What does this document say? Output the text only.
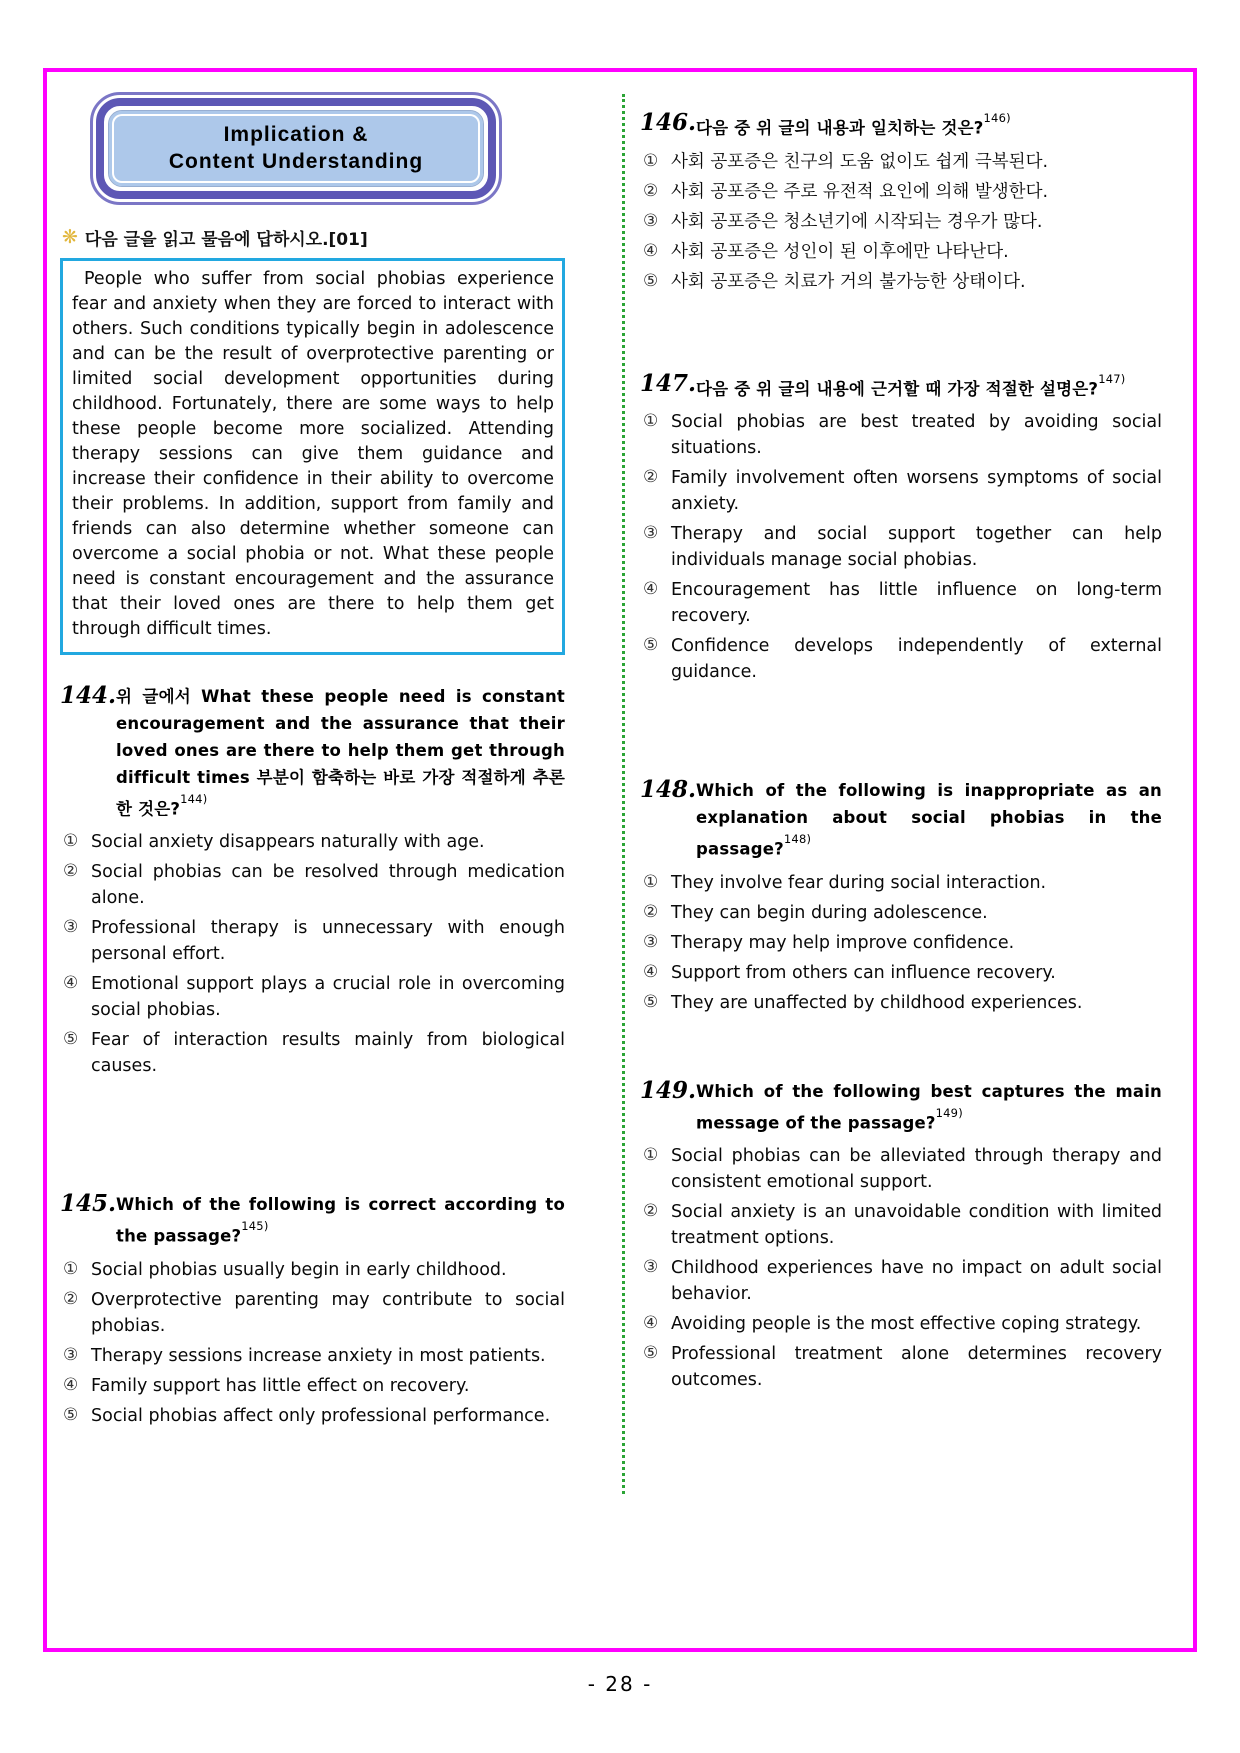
Implication &
Content Understanding
❋ 다음 글을 읽고 물음에 답하시오.[01]

People who suffer from social phobias experience fear and anxiety when they are forced to interact with others. Such conditions typically begin in adolescence and can be the result of overprotective parenting or limited social development opportunities during childhood. Fortunately, there are some ways to help these people become more socialized. Attending therapy sessions can give them guidance and increase their confidence in their ability to overcome their problems. In addition, support from family and friends can also determine whether someone can overcome a social phobia or not. What these people need is constant encouragement and the assurance that their loved ones are there to help them get through difficult times.

144. 위 글에서 What these people need is constant encouragement and the assurance that their loved ones are there to help them get through difficult times 부분이 함축하는 바로 가장 적절하게 추론한 것은?$^{144)}$
① Social anxiety disappears naturally with age.
② Social phobias can be resolved through medication alone.
③ Professional therapy is unnecessary with enough personal effort.
④ Emotional support plays a crucial role in overcoming social phobias.
⑤ Fear of interaction results mainly from biological causes.
145. Which of the following is correct according to the passage?$^{145)}$
① Social phobias usually begin in early childhood.
② Overprotective parenting may contribute to social phobias.
③ Therapy sessions increase anxiety in most patients.
④ Family support has little effect on recovery.
⑤ Social phobias affect only professional performance.
146. 다음 중 위 글의 내용과 일치하는 것은?$^{146)}$
① 사회 공포증은 친구의 도움 없이도 쉽게 극복된다.
② 사회 공포증은 주로 유전적 요인에 의해 발생한다.
③ 사회 공포증은 청소년기에 시작되는 경우가 많다.
④ 사회 공포증은 성인이 된 이후에만 나타난다.
⑤ 사회 공포증은 치료가 거의 불가능한 상태이다.
147. 다음 중 위 글의 내용에 근거할 때 가장 적절한 설명은?$^{147)}$
① Social phobias are best treated by avoiding social situations.
② Family involvement often worsens symptoms of social anxiety.
③ Therapy and social support together can help individuals manage social phobias.
④ Encouragement has little influence on long-term recovery.
⑤ Confidence develops independently of external guidance.
148. Which of the following is inappropriate as an explanation about social phobias in the passage?$^{148)}$
① They involve fear during social interaction.
② They can begin during adolescence.
③ Therapy may help improve confidence.
④ Support from others can influence recovery.
⑤ They are unaffected by childhood experiences.
149. Which of the following best captures the main message of the passage?$^{149)}$
① Social phobias can be alleviated through therapy and consistent emotional support.
② Social anxiety is an unavoidable condition with limited treatment options.
③ Childhood experiences have no impact on adult social behavior.
④ Avoiding people is the most effective coping strategy.
⑤ Professional treatment alone determines recovery outcomes.
- 28 -
